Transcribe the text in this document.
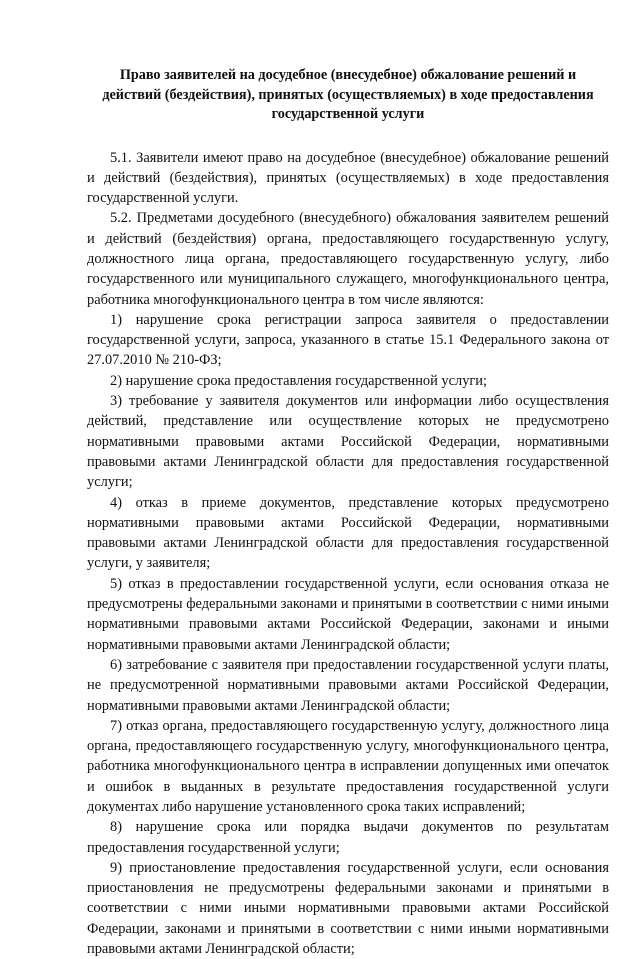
Право заявителей на досудебное (внесудебное) обжалование решений и действий (бездействия), принятых (осуществляемых) в ходе предоставления государственной услуги

5.1. Заявители имеют право на досудебное (внесудебное) обжалование решений и действий (бездействия), принятых (осуществляемых) в ходе предоставления государственной услуги.

5.2. Предметами досудебного (внесудебного) обжалования заявителем решений и действий (бездействия) органа, предоставляющего государственную услугу, должностного лица органа, предоставляющего государственную услугу, либо государственного или муниципального служащего, многофункционального центра, работника многофункционального центра в том числе являются:

1) нарушение срока регистрации запроса заявителя о предоставлении государственной услуги, запроса, указанного в статье 15.1 Федерального закона от 27.07.2010 № 210-ФЗ;

2) нарушение срока предоставления государственной услуги;

3) требование у заявителя документов или информации либо осуществления действий, представление или осуществление которых не предусмотрено нормативными правовыми актами Российской Федерации, нормативными правовыми актами Ленинградской области для предоставления государственной услуги;

4) отказ в приеме документов, представление которых предусмотрено нормативными правовыми актами Российской Федерации, нормативными правовыми актами Ленинградской области для предоставления государственной услуги, у заявителя;

5) отказ в предоставлении государственной услуги, если основания отказа не предусмотрены федеральными законами и принятыми в соответствии с ними иными нормативными правовыми актами Российской Федерации, законами и иными нормативными правовыми актами Ленинградской области;

6) затребование с заявителя при предоставлении государственной услуги платы, не предусмотренной нормативными правовыми актами Российской Федерации, нормативными правовыми актами Ленинградской области;

7) отказ органа, предоставляющего государственную услугу, должностного лица органа, предоставляющего государственную услугу, многофункционального центра, работника многофункционального центра в исправлении допущенных ими опечаток и ошибок в выданных в результате предоставления государственной услуги документах либо нарушение установленного срока таких исправлений;

8) нарушение срока или порядка выдачи документов по результатам предоставления государственной услуги;

9) приостановление предоставления государственной услуги, если основания приостановления не предусмотрены федеральными законами и принятыми в соответствии с ними иными нормативными правовыми актами Российской Федерации, законами и принятыми в соответствии с ними иными нормативными правовыми актами Ленинградской области;
